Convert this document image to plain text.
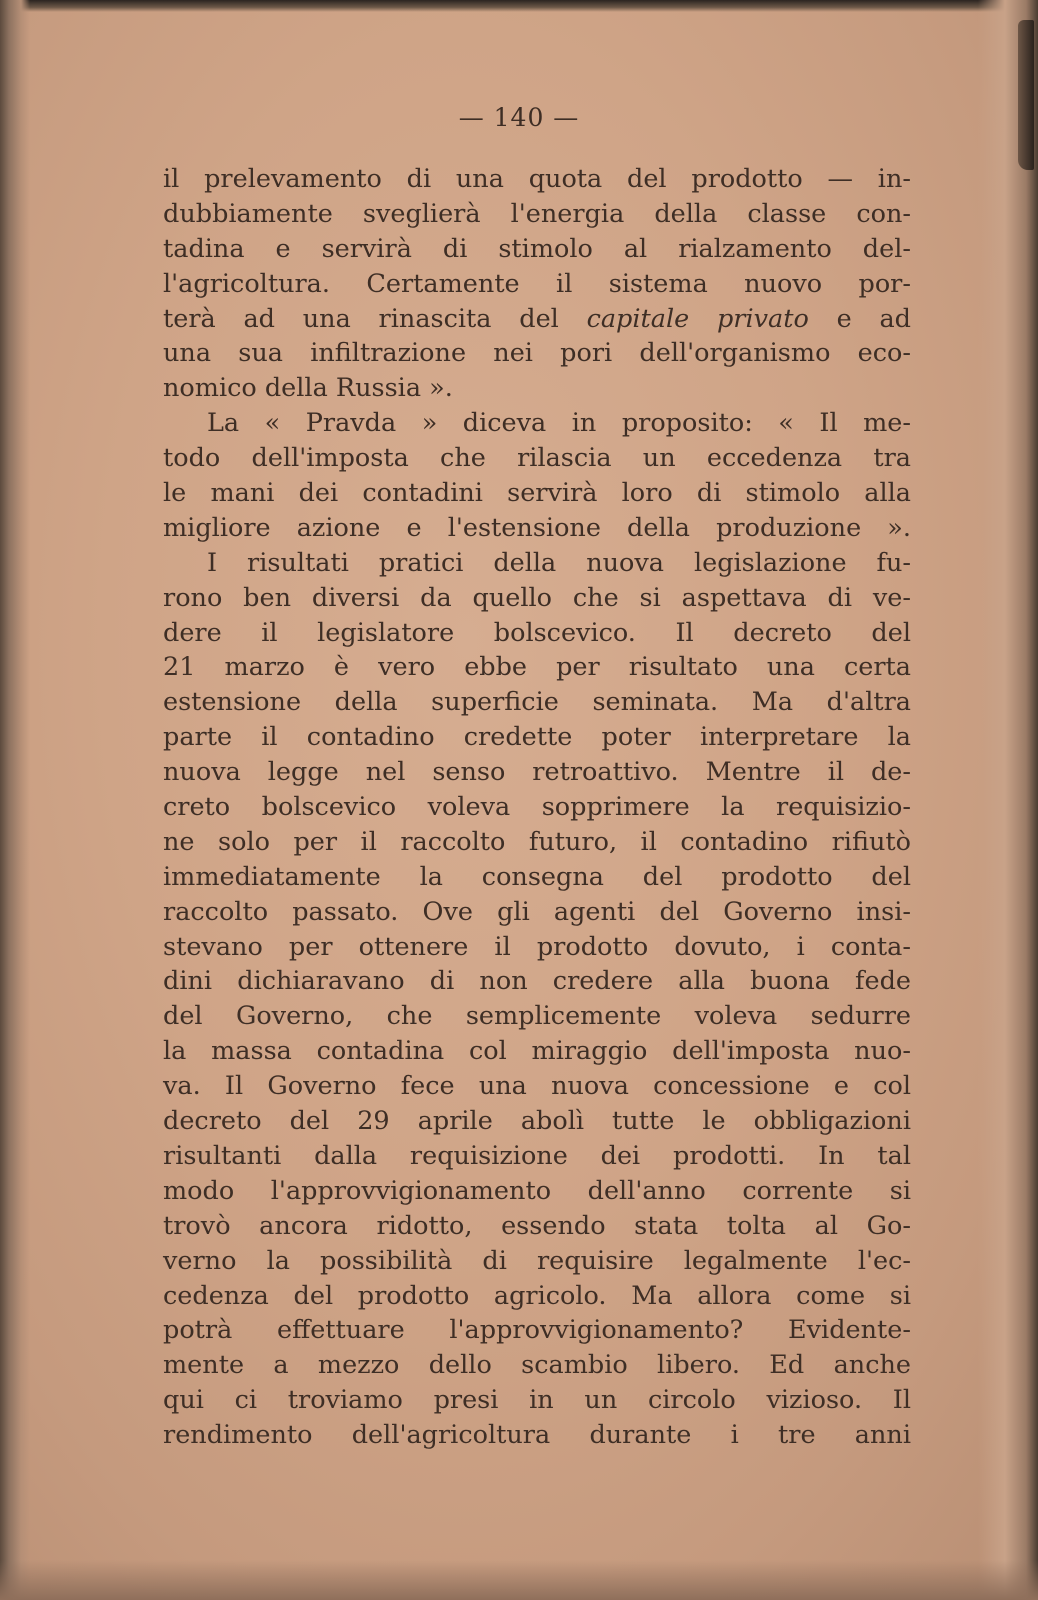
— 140 —
il prelevamento di una quota del prodotto — in-
dubbiamente sveglierà l'energia della classe con-
tadina e servirà di stimolo al rialzamento del-
l'agricoltura. Certamente il sistema nuovo por-
terà ad una rinascita del capitale privato e ad
una sua infiltrazione nei pori dell'organismo eco-
nomico della Russia ».
La « Pravda » diceva in proposito: « Il me-
todo dell'imposta che rilascia un eccedenza tra
le mani dei contadini servirà loro di stimolo alla
migliore azione e l'estensione della produzione ».
I risultati pratici della nuova legislazione fu-
rono ben diversi da quello che si aspettava di ve-
dere il legislatore bolscevico. Il decreto del
21 marzo è vero ebbe per risultato una certa
estensione della superficie seminata. Ma d'altra
parte il contadino credette poter interpretare la
nuova legge nel senso retroattivo. Mentre il de-
creto bolscevico voleva sopprimere la requisizio-
ne solo per il raccolto futuro, il contadino rifiutò
immediatamente la consegna del prodotto del
raccolto passato. Ove gli agenti del Governo insi-
stevano per ottenere il prodotto dovuto, i conta-
dini dichiaravano di non credere alla buona fede
del Governo, che semplicemente voleva sedurre
la massa contadina col miraggio dell'imposta nuo-
va. Il Governo fece una nuova concessione e col
decreto del 29 aprile abolì tutte le obbligazioni
risultanti dalla requisizione dei prodotti. In tal
modo l'approvvigionamento dell'anno corrente si
trovò ancora ridotto, essendo stata tolta al Go-
verno la possibilità di requisire legalmente l'ec-
cedenza del prodotto agricolo. Ma allora come si
potrà effettuare l'approvvigionamento? Evidente-
mente a mezzo dello scambio libero. Ed anche
qui ci troviamo presi in un circolo vizioso. Il
rendimento dell'agricoltura durante i tre anni
